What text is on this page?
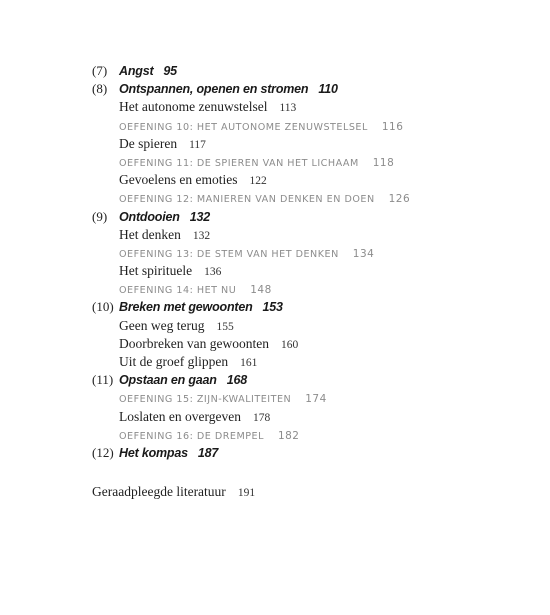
(7) Angst 95
(8) Ontspannen, openen en stromen 110
Het autonome zenuwstelsel 113
OEFENING 10: HET AUTONOME ZENUWSTELSEL 116
De spieren 117
OEFENING 11: DE SPIEREN VAN HET LICHAAM 118
Gevoelens en emoties 122
OEFENING 12: MANIEREN VAN DENKEN EN DOEN 126
(9) Ontdooien 132
Het denken 132
OEFENING 13: DE STEM VAN HET DENKEN 134
Het spirituele 136
OEFENING 14: HET NU 148
(10) Breken met gewoonten 153
Geen weg terug 155
Doorbreken van gewoonten 160
Uit de groef glippen 161
(11) Opstaan en gaan 168
OEFENING 15: ZIJN-KWALITEITEN 174
Loslaten en overgeven 178
OEFENING 16: DE DREMPEL 182
(12) Het kompas 187
Geraadpleegde literatuur 191
